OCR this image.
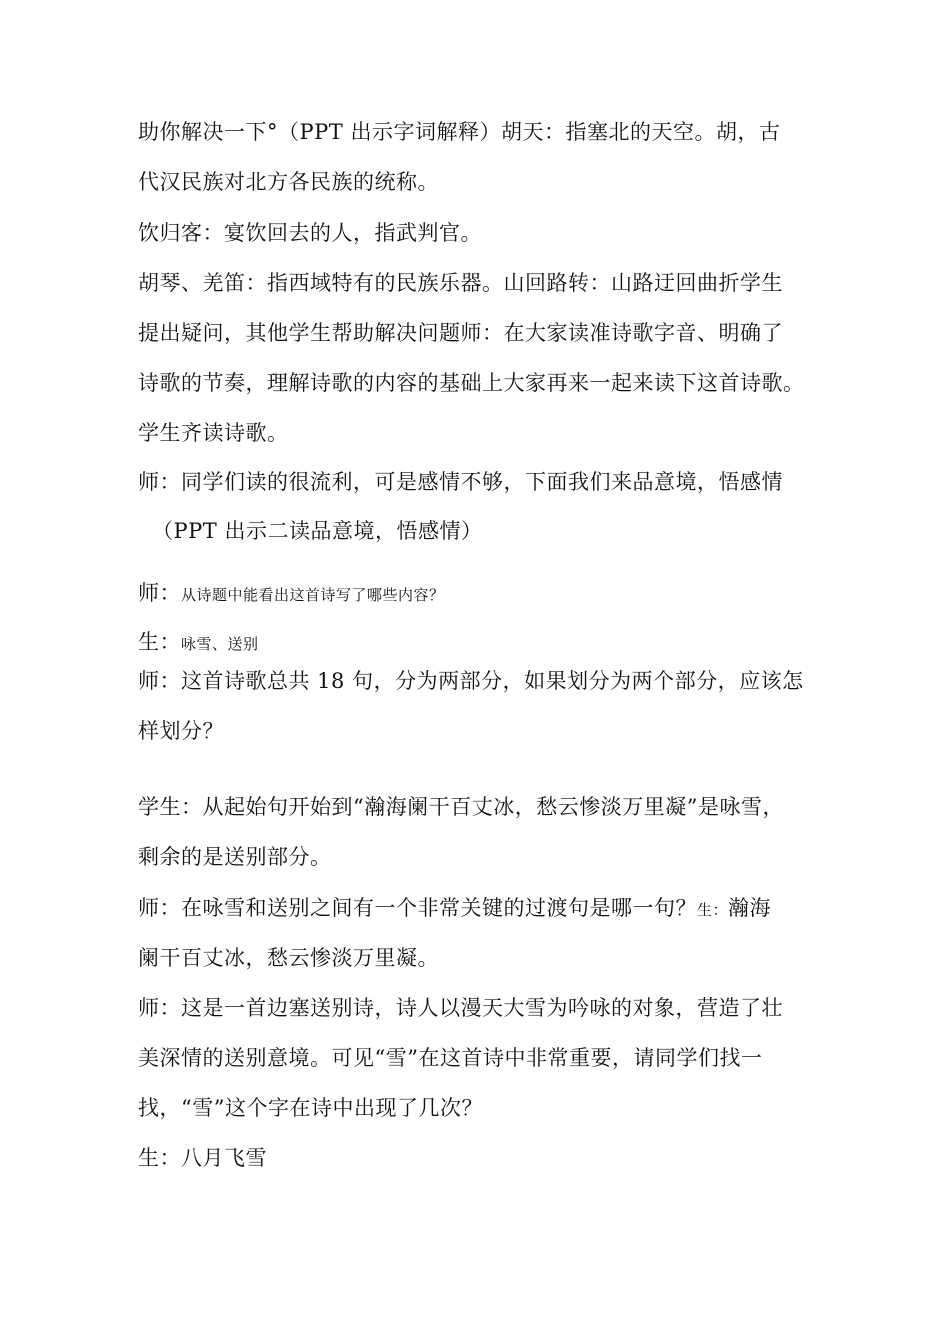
助你解决一下°（PPT 出示字词解释）胡天：指塞北的天空。胡，古
代汉民族对北方各民族的统称。
饮归客：宴饮回去的人，指武判官。
胡琴、羌笛：指西域特有的民族乐器。山回路转：山路迂回曲折学生
提出疑问，其他学生帮助解决问题师：在大家读准诗歌字音、明确了
诗歌的节奏，理解诗歌的内容的基础上大家再来一起来读下这首诗歌。
学生齐读诗歌。
师：同学们读的很流利，可是感情不够，下面我们来品意境，悟感情
（PPT 出示二读品意境，悟感情）
师：从诗题中能看出这首诗写了哪些内容？
生：咏雪、送别
师：这首诗歌总共 18 句，分为两部分，如果划分为两个部分，应该怎
样划分？
学生：从起始句开始到“瀚海阑干百丈冰，愁云惨淡万里凝”是咏雪，
剩余的是送别部分。
师：在咏雪和送别之间有一个非常关键的过渡句是哪一句？生：瀚海
阑干百丈冰，愁云惨淡万里凝。
师：这是一首边塞送别诗，诗人以漫天大雪为吟咏的对象，营造了壮
美深情的送别意境。可见“雪”在这首诗中非常重要，请同学们找一
找，“雪”这个字在诗中出现了几次？
生：八月飞雪
